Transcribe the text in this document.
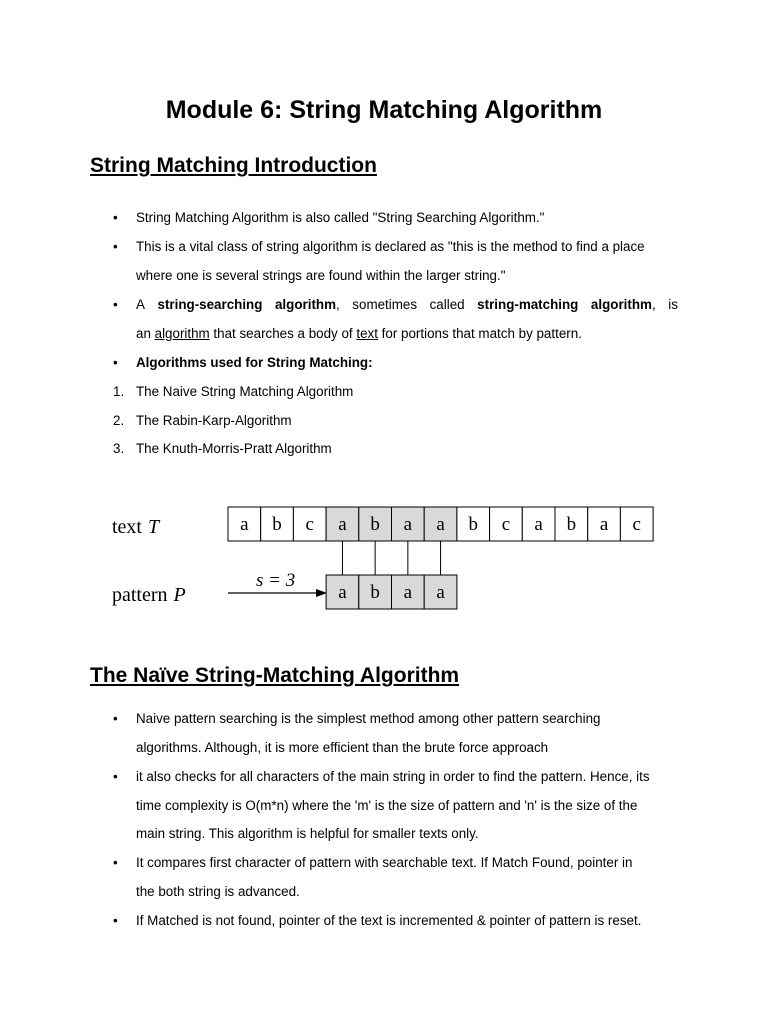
Module 6: String Matching Algorithm
String Matching Introduction
•	String Matching Algorithm is also called "String Searching Algorithm."
•	This is a vital class of string algorithm is declared as "this is the method to find a place
where one is several strings are found within the larger string."
•	A string-searching algorithm, sometimes called string-matching algorithm, is
an algorithm that searches a body of text for portions that match by pattern.
•	Algorithms used for String Matching:
1. The Naive String Matching Algorithm
2. The Rabin-Karp-Algorithm
3. The Knuth-Morris-Pratt Algorithm
text T
pattern P
s = 3
a b c a b a a b c a b a c
a b a a
The Naïve String-Matching Algorithm
•	Naive pattern searching is the simplest method among other pattern searching
algorithms. Although, it is more efficient than the brute force approach
•	it also checks for all characters of the main string in order to find the pattern. Hence, its
time complexity is O(m*n) where the 'm' is the size of pattern and 'n' is the size of the
main string. This algorithm is helpful for smaller texts only.
•	It compares first character of pattern with searchable text. If Match Found, pointer in
the both string is advanced.
•	If Matched is not found, pointer of the text is incremented & pointer of pattern is reset.
